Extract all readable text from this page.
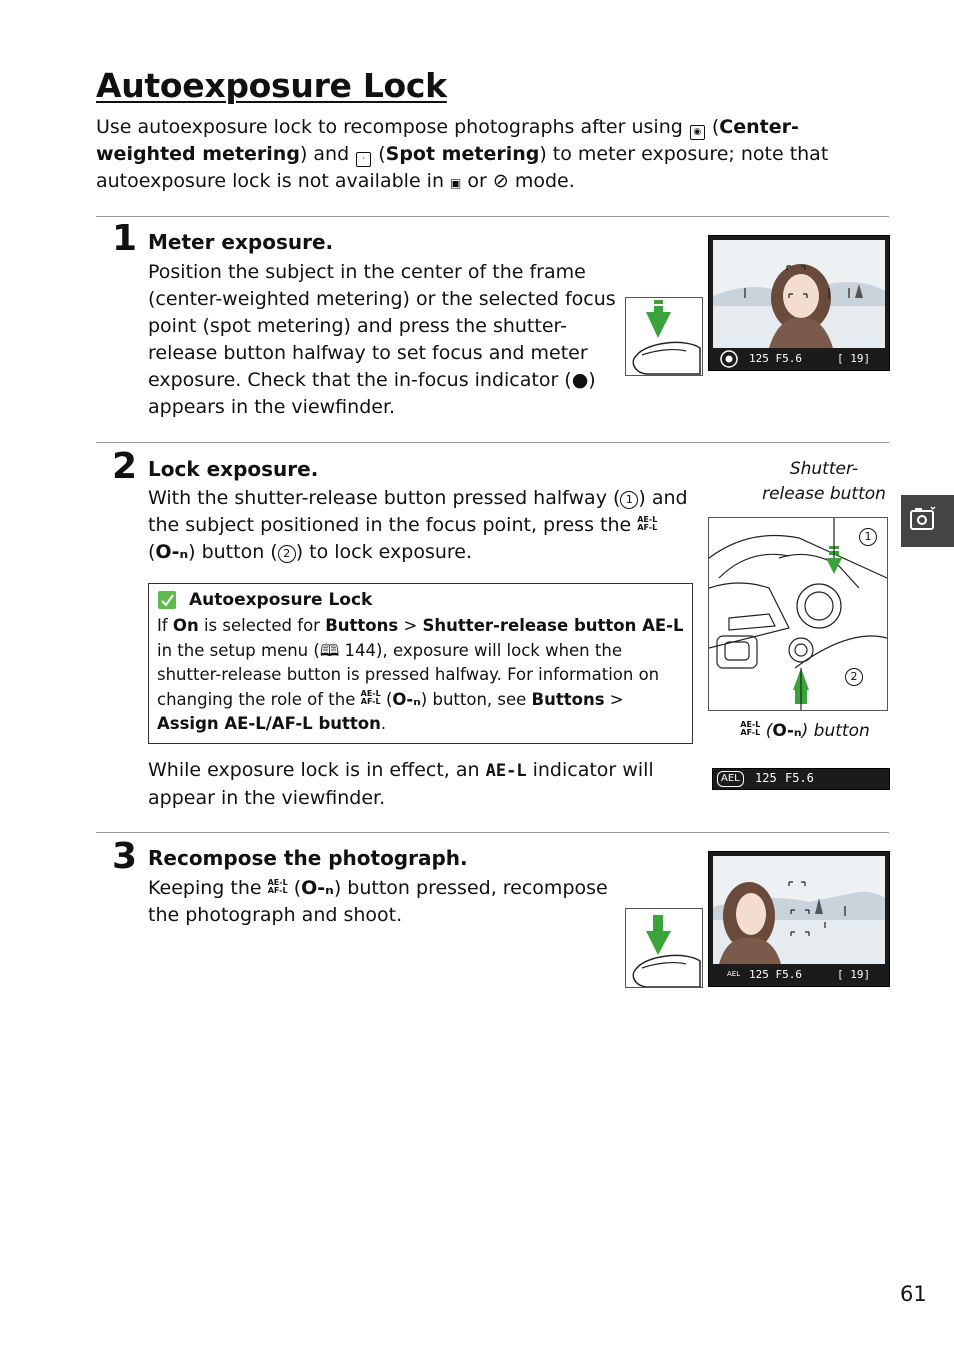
Autoexposure Lock
Use autoexposure lock to recompose photographs after using ◉ (Center-weighted metering) and · (Spot metering) to meter exposure; note that autoexposure lock is not available in ▣ or ⊘ mode.
1 Meter exposure.
Position the subject in the center of the frame (center-weighted metering) or the selected focus point (spot metering) and press the shutter-release button halfway to set focus and meter exposure. Check that the in-focus indicator (●) appears in the viewfinder.
125 F5.6	[ 19]
2 Lock exposure.
With the shutter-release button pressed halfway ( 1 ) and the subject positioned in the focus point, press the AE-L
AF-L (O‑ₙ) button ( 2 ) to lock exposure.
Shutter-release button
1
2
AE-L
AF-L (O‑ₙ) button
Autoexposure Lock
If On is selected for Buttons > Shutter-release button AE-L in the setup menu (🕮 144), exposure will lock when the shutter-release button is pressed halfway. For information on changing the role of the AE-L
AF-L (O‑ₙ) button, see Buttons > Assign AE-L/AF-L button.
While exposure lock is in effect, an AE-L indicator will appear in the viewfinder.
AEL	125 F5.6
3 Recompose the photograph.
Keeping the AE-L
AF-L (O‑ₙ) button pressed, recompose the photograph and shoot.
AEL 125 F5.6	[ 19]
61
